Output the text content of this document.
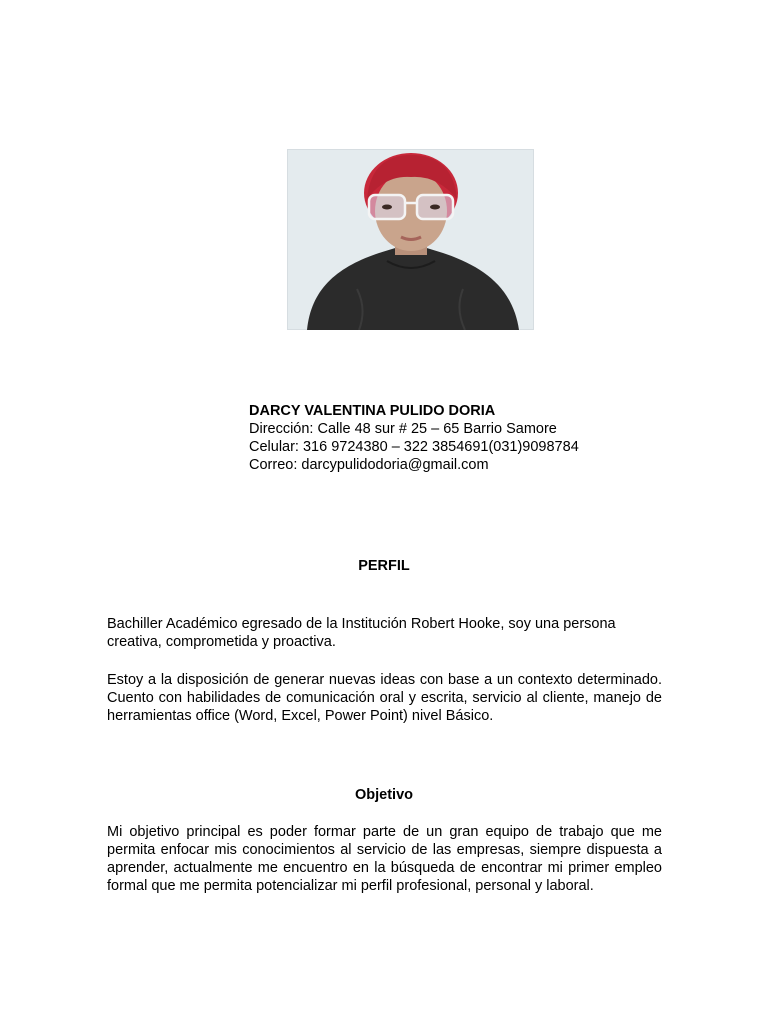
DARCY VALENTINA PULIDO DORIA
Dirección: Calle 48 sur # 25 – 65 Barrio Samore
Celular: 316 9724380 – 322 3854691(031)9098784
Correo: darcypulidodoria@gmail.com
PERFIL

Bachiller Académico egresado de la Institución Robert Hooke, soy una persona creativa, comprometida y proactiva.

Estoy a la disposición de generar nuevas ideas con base a un contexto determinado. Cuento con habilidades de comunicación oral y escrita, servicio al cliente, manejo de herramientas office (Word, Excel, Power Point) nivel Básico.

Objetivo

Mi objetivo principal es poder formar parte de un gran equipo de trabajo que me permita enfocar mis conocimientos al servicio de las empresas, siempre dispuesta a aprender, actualmente me encuentro en la búsqueda de encontrar mi primer empleo formal que me permita potencializar mi perfil profesional, personal y laboral.
